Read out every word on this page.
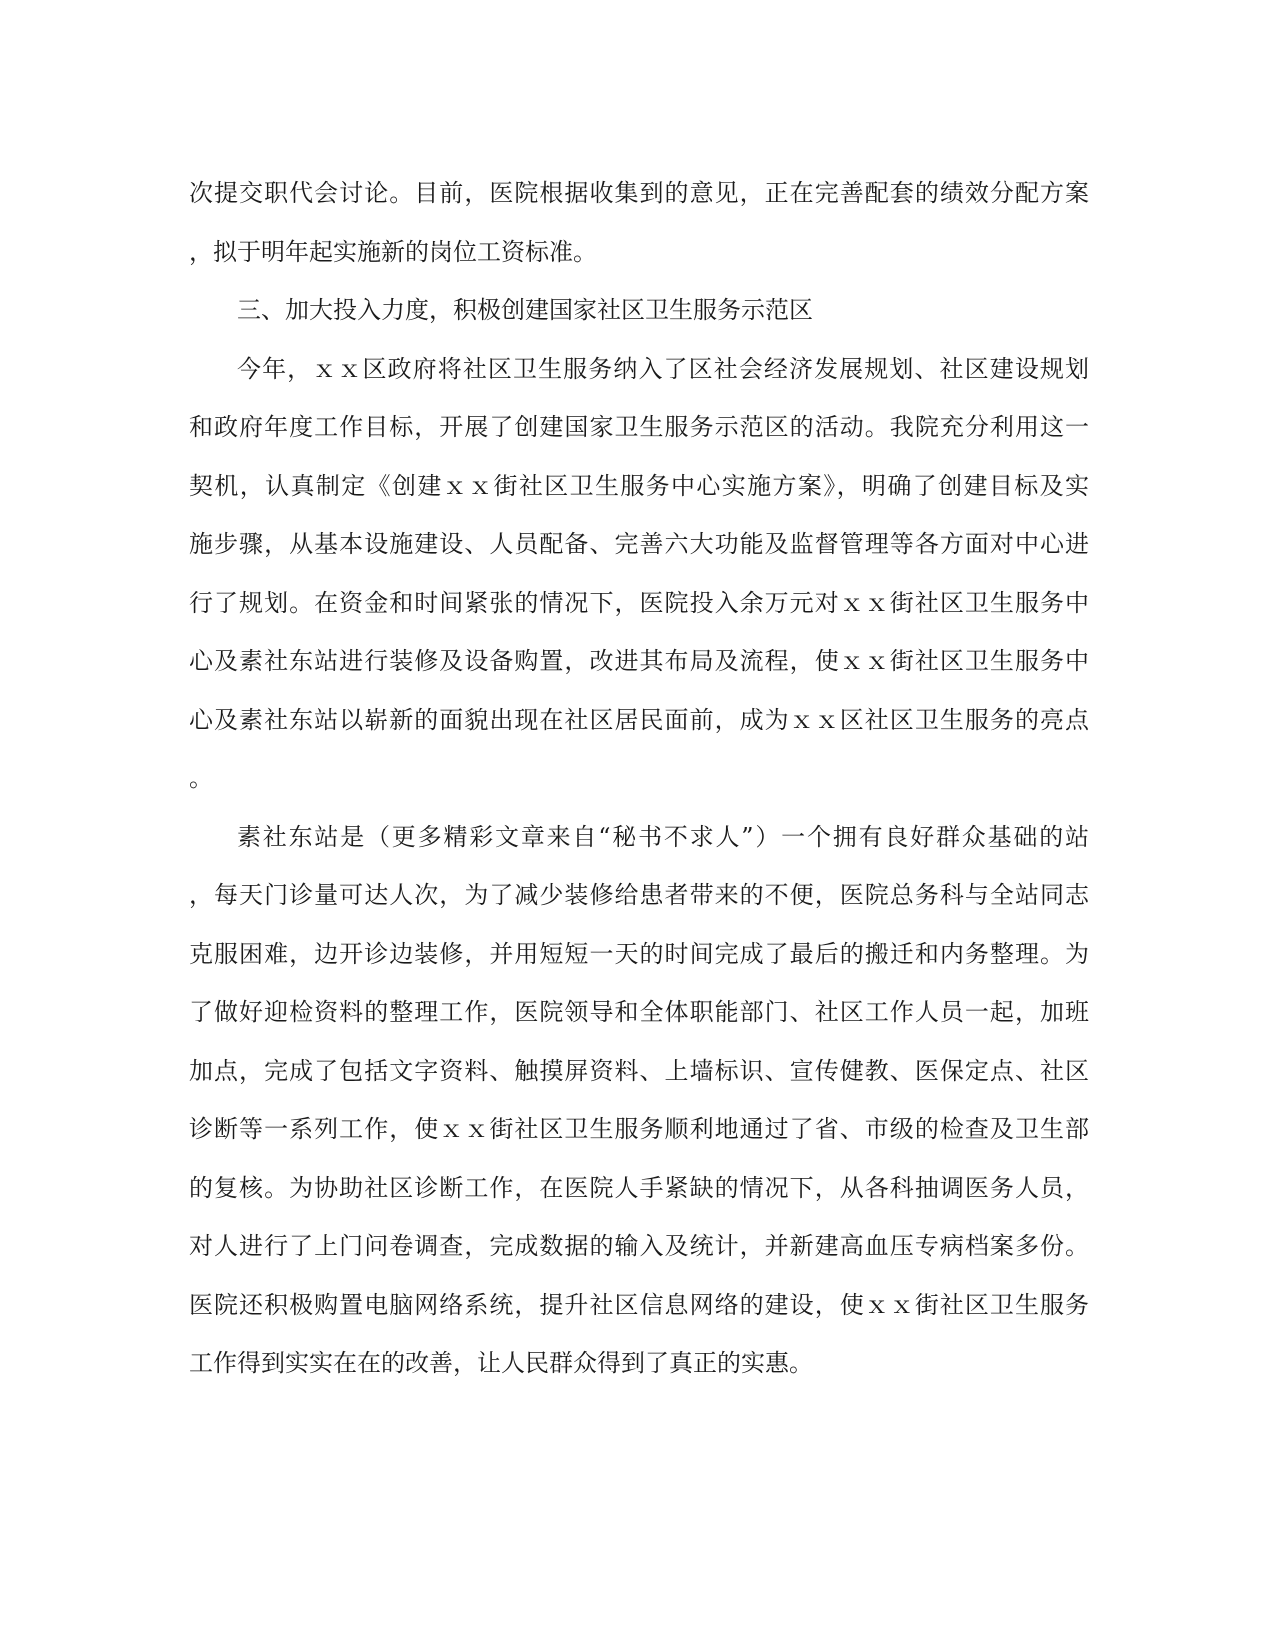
次提交职代会讨论。目前，医院根据收集到的意见，正在完善配套的绩效分配方案
，拟于明年起实施新的岗位工资标准。
三、加大投入力度，积极创建国家社区卫生服务示范区
今年，ｘｘ区政府将社区卫生服务纳入了区社会经济发展规划、社区建设规划
和政府年度工作目标，开展了创建国家卫生服务示范区的活动。我院充分利用这一
契机，认真制定《创建ｘｘ街社区卫生服务中心实施方案》，明确了创建目标及实
施步骤，从基本设施建设、人员配备、完善六大功能及监督管理等各方面对中心进
行了规划。在资金和时间紧张的情况下，医院投入余万元对ｘｘ街社区卫生服务中
心及素社东站进行装修及设备购置，改进其布局及流程，使ｘｘ街社区卫生服务中
心及素社东站以崭新的面貌出现在社区居民面前，成为ｘｘ区社区卫生服务的亮点
。
素社东站是（更多精彩文章来自“秘书不求人”）一个拥有良好群众基础的站
，每天门诊量可达人次，为了减少装修给患者带来的不便，医院总务科与全站同志
克服困难，边开诊边装修，并用短短一天的时间完成了最后的搬迁和内务整理。为
了做好迎检资料的整理工作，医院领导和全体职能部门、社区工作人员一起，加班
加点，完成了包括文字资料、触摸屏资料、上墙标识、宣传健教、医保定点、社区
诊断等一系列工作，使ｘｘ街社区卫生服务顺利地通过了省、市级的检查及卫生部
的复核。为协助社区诊断工作，在医院人手紧缺的情况下，从各科抽调医务人员，
对人进行了上门问卷调查，完成数据的输入及统计，并新建高血压专病档案多份。
医院还积极购置电脑网络系统，提升社区信息网络的建设，使ｘｘ街社区卫生服务
工作得到实实在在的改善，让人民群众得到了真正的实惠。
